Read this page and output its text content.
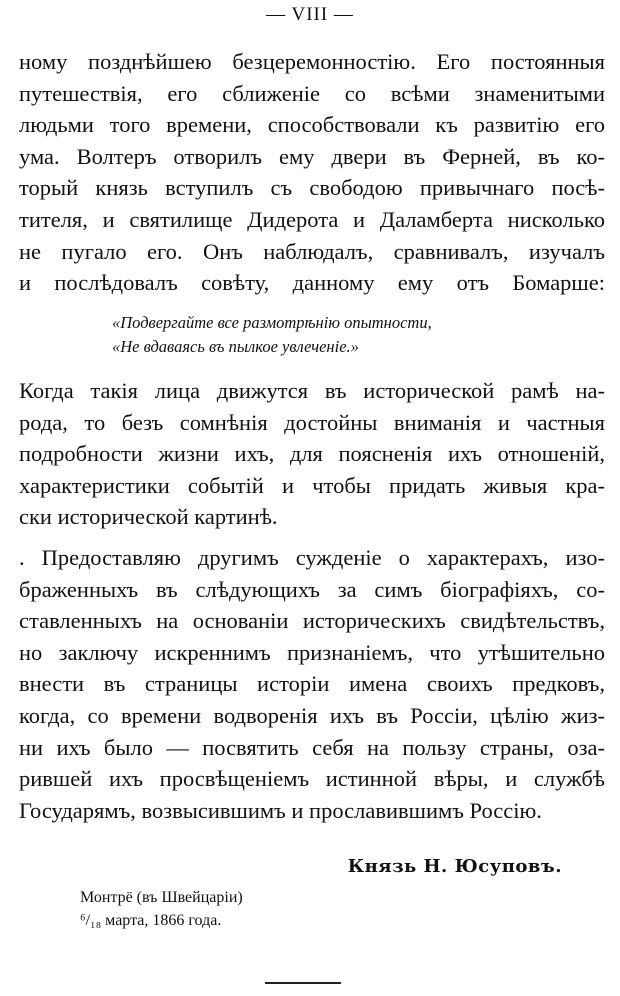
— VIII —
ному позднѣйшею безцеремонностію. Его постоянныя
путешествія, его сближеніе со всѣми знаменитыми
людьми того времени, способствовали къ развитію его
ума. Волтеръ отворилъ ему двери въ Ферней, въ ко-
торый князь вступилъ съ свободою привычнаго посѣ-
тителя, и святилище Дидерота и Даламберта нисколько
не пугало его. Онъ наблюдалъ, сравнивалъ, изучалъ
и послѣдовалъ совѣту, данному ему отъ Бомарше:
«Подвергайте все размотрѣнію опытности,
«Не вдаваясь въ пылкое увлеченіе.»
Когда такія лица движутся въ исторической рамѣ на-
рода, то безъ сомнѣнія достойны вниманія и частныя
подробности жизни ихъ, для поясненія ихъ отношеній,
характеристики событій и чтобы придать живыя кра-
ски исторической картинѣ.
. Предоставляю другимъ сужденіе о характерахъ, изо-
браженныхъ въ слѣдующихъ за симъ біографіяхъ, со-
ставленныхъ на основаніи историческихъ свидѣтельствъ,
но заключу искреннимъ признаніемъ, что утѣшительно
внести въ страницы исторіи имена своихъ предковъ,
когда, со времени водворенія ихъ въ Россіи, цѣлію жиз-
ни ихъ было — посвятить себя на пользу страны, оза-
рившей ихъ просвѣщеніемъ истинной вѣры, и службѣ
Государямъ, возвысившимъ и прославившимъ Россію.
Князь Н. Юсуповъ.
Монтрё (въ Швейцаріи)
⁶/₁₈ марта, 1866 года.
